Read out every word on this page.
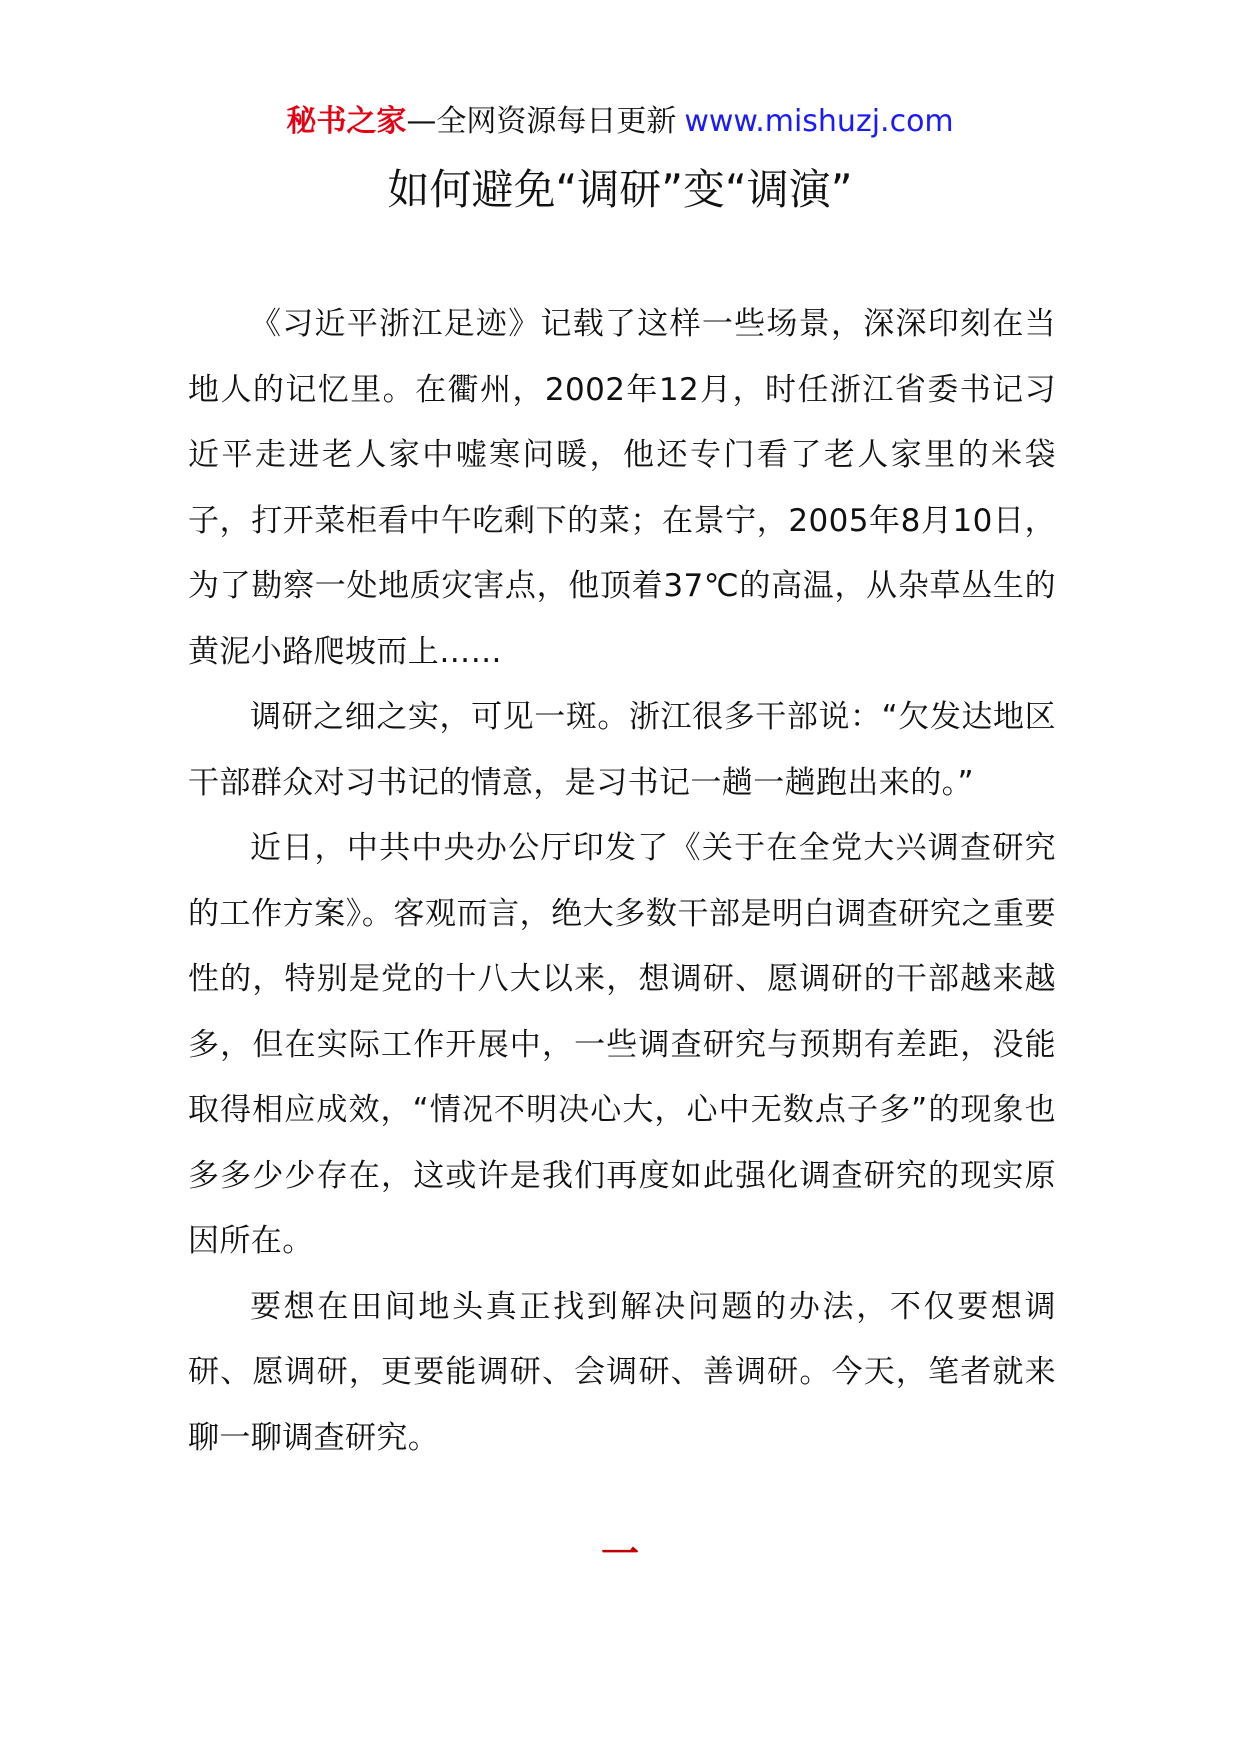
秘书之家—全网资源每日更新 www.mishuzj.com
如何避免“调研”变“调演”

《习近平浙江足迹》记载了这样一些场景，深深印刻在当地人的记忆里。在衢州，2002年12月，时任浙江省委书记习近平走进老人家中嘘寒问暖，他还专门看了老人家里的米袋子，打开菜柜看中午吃剩下的菜；在景宁，2005年8月10日，为了勘察一处地质灾害点，他顶着37℃的高温，从杂草丛生的黄泥小路爬坡而上……

调研之细之实，可见一斑。浙江很多干部说：“欠发达地区干部群众对习书记的情意，是习书记一趟一趟跑出来的。”

近日，中共中央办公厅印发了《关于在全党大兴调查研究的工作方案》。客观而言，绝大多数干部是明白调查研究之重要性的，特别是党的十八大以来，想调研、愿调研的干部越来越多，但在实际工作开展中，一些调查研究与预期有差距，没能取得相应成效，“情况不明决心大，心中无数点子多”的现象也多多少少存在，这或许是我们再度如此强化调查研究的现实原因所在。

要想在田间地头真正找到解决问题的办法，不仅要想调研、愿调研，更要能调研、会调研、善调研。今天，笔者就来聊一聊调查研究。

一
